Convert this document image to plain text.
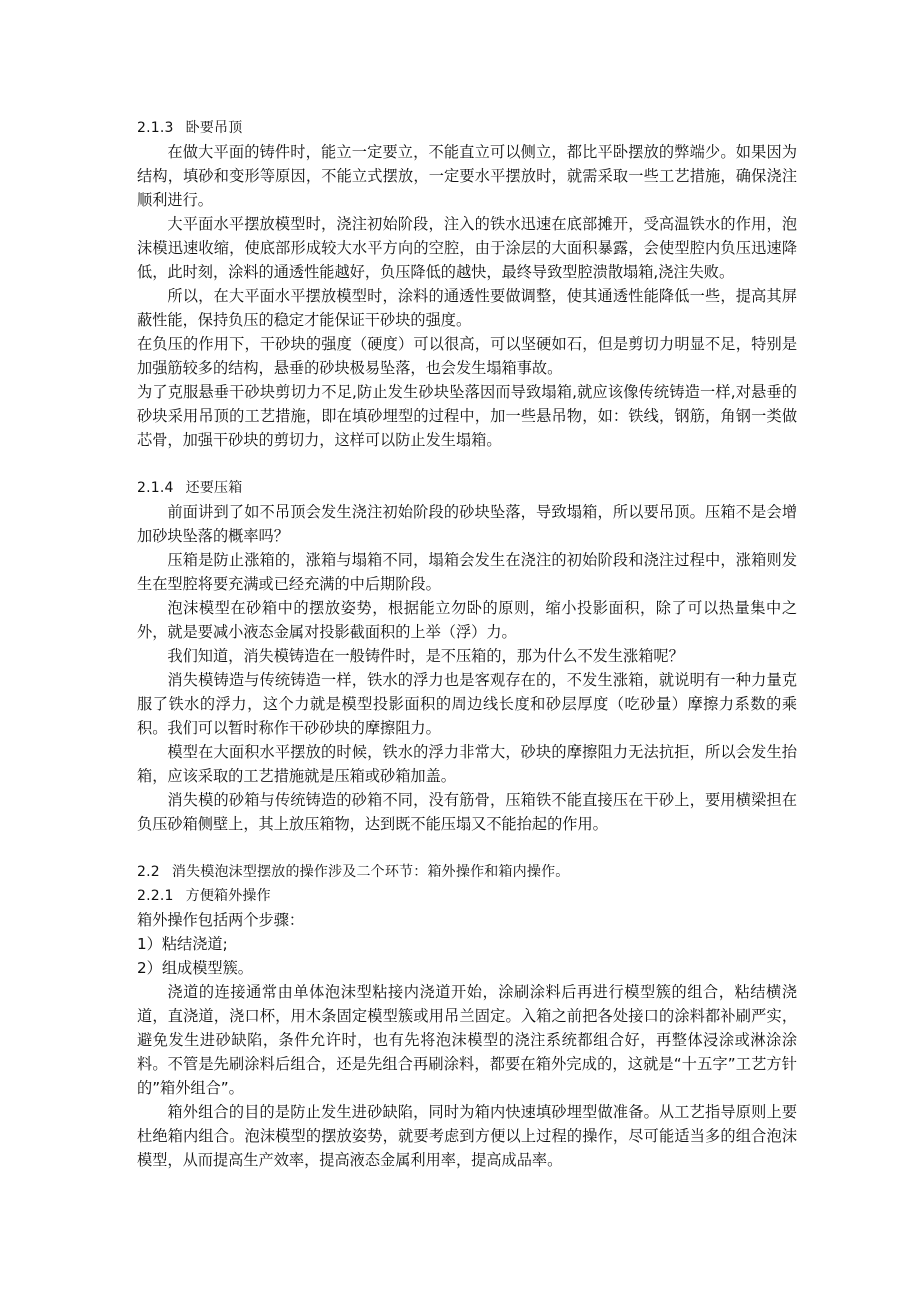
2.1.3 卧要吊顶

在做大平面的铸件时，能立一定要立，不能直立可以侧立，都比平卧摆放的弊端少。如果因为结构，填砂和变形等原因，不能立式摆放，一定要水平摆放时，就需采取一些工艺措施，确保浇注顺利进行。

大平面水平摆放模型时，浇注初始阶段，注入的铁水迅速在底部摊开，受高温铁水的作用，泡沫模迅速收缩，使底部形成较大水平方向的空腔，由于涂层的大面积暴露，会使型腔内负压迅速降低，此时刻，涂料的通透性能越好，负压降低的越快，最终导致型腔溃散塌箱,浇注失败。

所以，在大平面水平摆放模型时，涂料的通透性要做调整，使其通透性能降低一些，提高其屏蔽性能，保持负压的稳定才能保证干砂块的强度。

在负压的作用下，干砂块的强度（硬度）可以很高，可以坚硬如石，但是剪切力明显不足，特别是加强筋较多的结构，悬垂的砂块极易坠落，也会发生塌箱事故。

为了克服悬垂干砂块剪切力不足,防止发生砂块坠落因而导致塌箱,就应该像传统铸造一样,对悬垂的砂块采用吊顶的工艺措施，即在填砂埋型的过程中，加一些悬吊物，如：铁线，钢筋，角钢一类做芯骨，加强干砂块的剪切力，这样可以防止发生塌箱。

2.1.4 还要压箱

前面讲到了如不吊顶会发生浇注初始阶段的砂块坠落，导致塌箱，所以要吊顶。压箱不是会增加砂块坠落的概率吗？

压箱是防止涨箱的，涨箱与塌箱不同，塌箱会发生在浇注的初始阶段和浇注过程中，涨箱则发生在型腔将要充满或已经充满的中后期阶段。

泡沫模型在砂箱中的摆放姿势，根据能立勿卧的原则，缩小投影面积，除了可以热量集中之外，就是要减小液态金属对投影截面积的上举（浮）力。

我们知道，消失模铸造在一般铸件时，是不压箱的，那为什么不发生涨箱呢？

消失模铸造与传统铸造一样，铁水的浮力也是客观存在的，不发生涨箱，就说明有一种力量克服了铁水的浮力，这个力就是模型投影面积的周边线长度和砂层厚度（吃砂量）摩擦力系数的乘积。我们可以暂时称作干砂砂块的摩擦阻力。

模型在大面积水平摆放的时候，铁水的浮力非常大，砂块的摩擦阻力无法抗拒，所以会发生抬箱，应该采取的工艺措施就是压箱或砂箱加盖。

消失模的砂箱与传统铸造的砂箱不同，没有筋骨，压箱铁不能直接压在干砂上，要用横梁担在负压砂箱侧壁上，其上放压箱物，达到既不能压塌又不能抬起的作用。

2.2 消失模泡沫型摆放的操作涉及二个环节：箱外操作和箱内操作。

2.2.1 方便箱外操作

箱外操作包括两个步骤：

1）粘结浇道;

2）组成模型簇。

浇道的连接通常由单体泡沫型粘接内浇道开始，涂刷涂料后再进行模型簇的组合，粘结横浇道，直浇道，浇口杯，用木条固定模型簇或用吊兰固定。入箱之前把各处接口的涂料都补刷严实，避免发生进砂缺陷，条件允许时，也有先将泡沫模型的浇注系统都组合好，再整体浸涂或淋涂涂料。不管是先刷涂料后组合，还是先组合再刷涂料，都要在箱外完成的，这就是“十五字”工艺方针的”箱外组合”。

箱外组合的目的是防止发生进砂缺陷，同时为箱内快速填砂埋型做准备。从工艺指导原则上要杜绝箱内组合。泡沫模型的摆放姿势，就要考虑到方便以上过程的操作，尽可能适当多的组合泡沫模型，从而提高生产效率，提高液态金属利用率，提高成品率。
